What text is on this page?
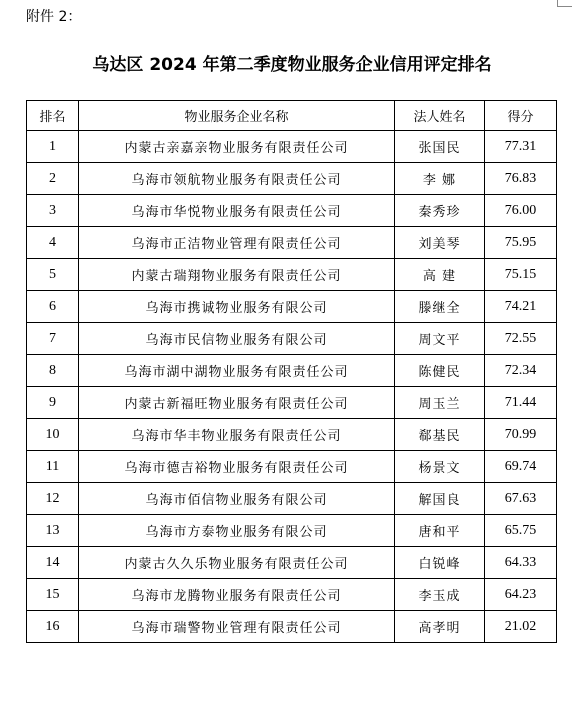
附件 2：
乌达区 2024 年第二季度物业服务企业信用评定排名
排名	物业服务企业名称	法人姓名	得分
1	内蒙古亲嘉亲物业服务有限责任公司	张国民	77.31
2	乌海市领航物业服务有限责任公司	李 娜	76.83
3	乌海市华悦物业服务有限责任公司	秦秀珍	76.00
4	乌海市正洁物业管理有限责任公司	刘美琴	75.95
5	内蒙古瑞翔物业服务有限责任公司	高 建	75.15
6	乌海市携诚物业服务有限公司	滕继全	74.21
7	乌海市民信物业服务有限公司	周文平	72.55
8	乌海市湖中湖物业服务有限责任公司	陈健民	72.34
9	内蒙古新福旺物业服务有限责任公司	周玉兰	71.44
10	乌海市华丰物业服务有限责任公司	郗基民	70.99
11	乌海市德吉裕物业服务有限责任公司	杨景文	69.74
12	乌海市佰信物业服务有限公司	解国良	67.63
13	乌海市方泰物业服务有限公司	唐和平	65.75
14	内蒙古久久乐物业服务有限责任公司	白锐峰	64.33
15	乌海市龙腾物业服务有限责任公司	李玉成	64.23
16	乌海市瑞警物业管理有限责任公司	高孝明	21.02
